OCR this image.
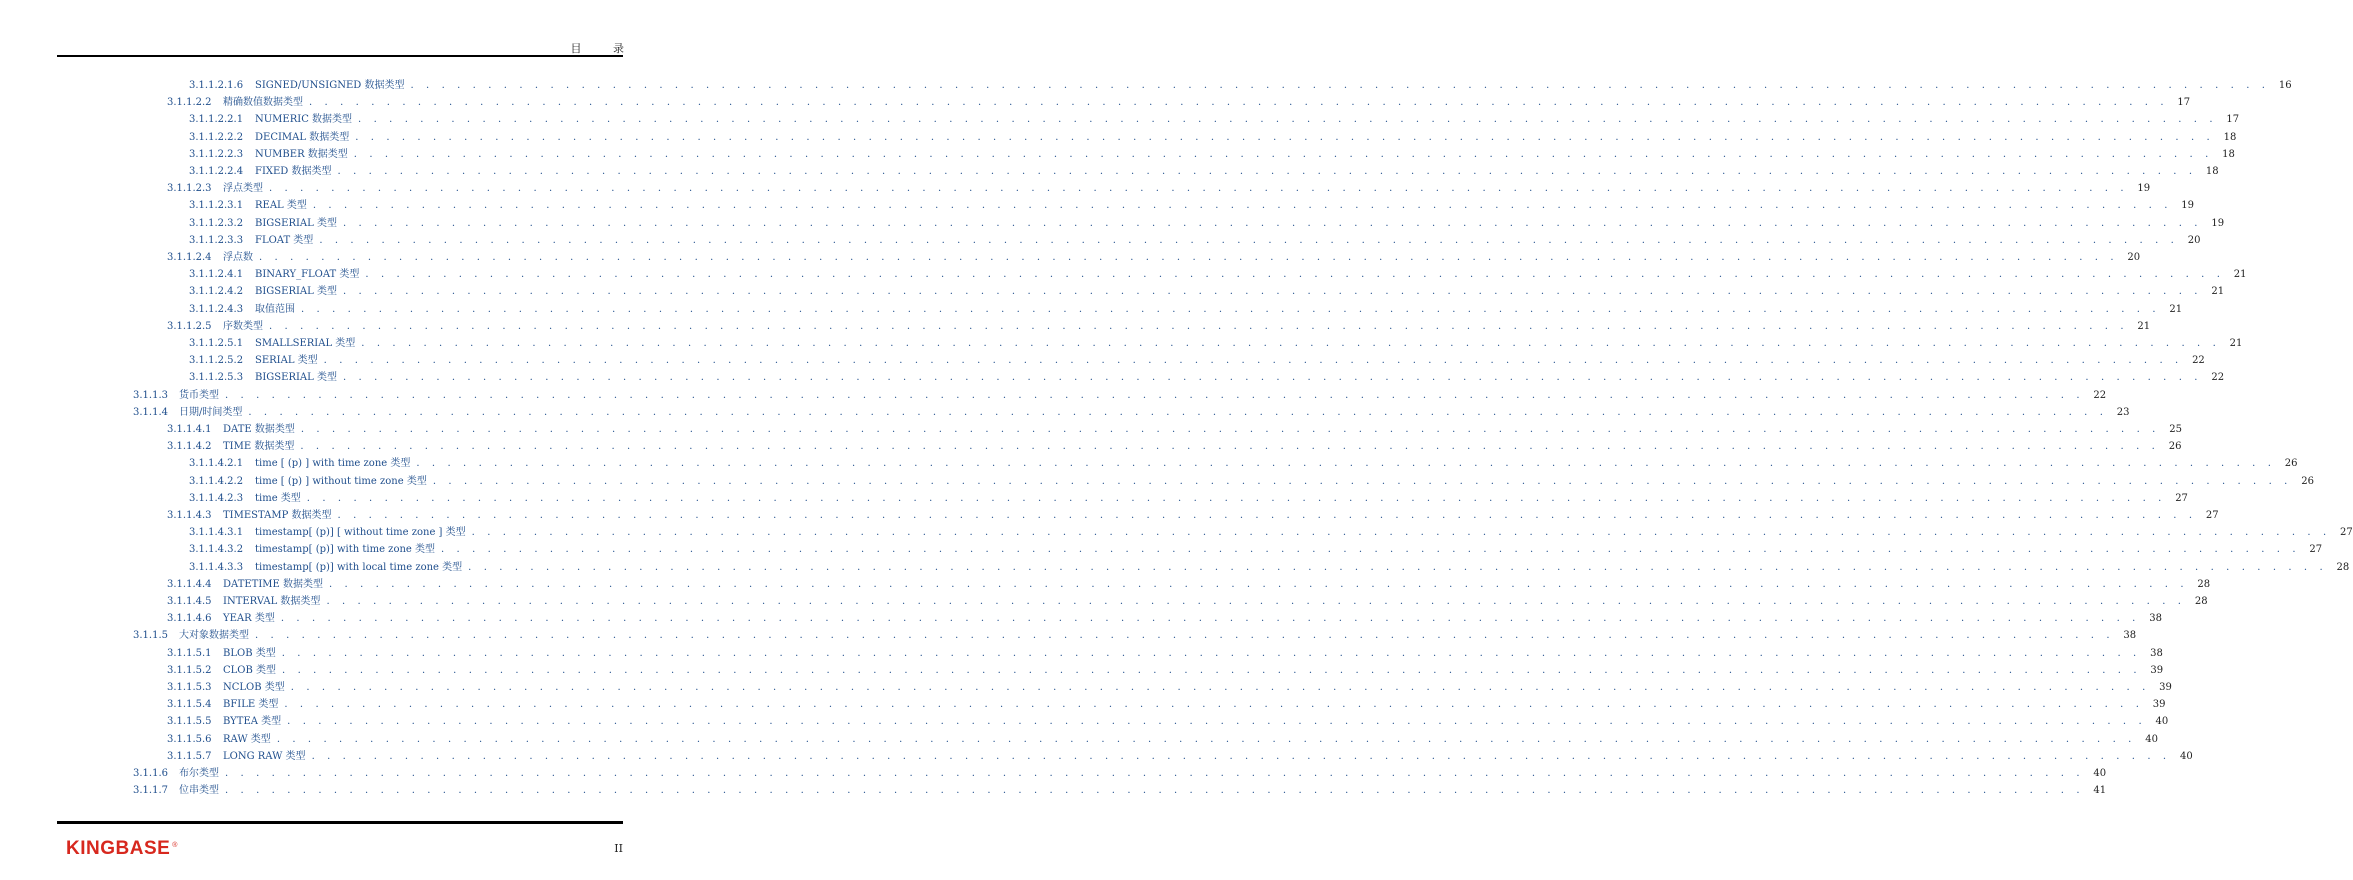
目 录
3.1.1.2.1.6	SIGNED/UNSIGNED 数据类型 . . . . . . . . . . . . . . . . . . . . . . . . . . . . . . . . . . . . . . . . . . . . . . . . . . . . . . . . . . . . . . . . . . . . . . . . . . . . . . . . . . . . . . . . . . . . . . . . . . . . . . . . . . . . . . . . . . . . . . . . 16
3.1.1.2.2	精确数值数据类型 . . . . . . . . . . . . . . . . . . . . . . . . . . . . . . . . . . . . . . . . . . . . . . . . . . . . . . . . . . . . . . . . . . . . . . . . . . . . . . . . . . . . . . . . . . . . . . . . . . . . . . . . . . . . . . . . . . . . . . . . 17
3.1.1.2.2.1	NUMERIC 数据类型 . . . . . . . . . . . . . . . . . . . . . . . . . . . . . . . . . . . . . . . . . . . . . . . . . . . . . . . . . . . . . . . . . . . . . . . . . . . . . . . . . . . . . . . . . . . . . . . . . . . . . . . . . . . . . . . . . . . . . . . . 17
3.1.1.2.2.2	DECIMAL 数据类型 . . . . . . . . . . . . . . . . . . . . . . . . . . . . . . . . . . . . . . . . . . . . . . . . . . . . . . . . . . . . . . . . . . . . . . . . . . . . . . . . . . . . . . . . . . . . . . . . . . . . . . . . . . . . . . . . . . . . . . . . 18
3.1.1.2.2.3	NUMBER 数据类型 . . . . . . . . . . . . . . . . . . . . . . . . . . . . . . . . . . . . . . . . . . . . . . . . . . . . . . . . . . . . . . . . . . . . . . . . . . . . . . . . . . . . . . . . . . . . . . . . . . . . . . . . . . . . . . . . . . . . . . . . 18
3.1.1.2.2.4	FIXED 数据类型 . . . . . . . . . . . . . . . . . . . . . . . . . . . . . . . . . . . . . . . . . . . . . . . . . . . . . . . . . . . . . . . . . . . . . . . . . . . . . . . . . . . . . . . . . . . . . . . . . . . . . . . . . . . . . . . . . . . . . . . . 18
3.1.1.2.3	浮点类型 . . . . . . . . . . . . . . . . . . . . . . . . . . . . . . . . . . . . . . . . . . . . . . . . . . . . . . . . . . . . . . . . . . . . . . . . . . . . . . . . . . . . . . . . . . . . . . . . . . . . . . . . . . . . . . . . . . . . . . . . 19
3.1.1.2.3.1	REAL 类型 . . . . . . . . . . . . . . . . . . . . . . . . . . . . . . . . . . . . . . . . . . . . . . . . . . . . . . . . . . . . . . . . . . . . . . . . . . . . . . . . . . . . . . . . . . . . . . . . . . . . . . . . . . . . . . . . . . . . . . . . 19
3.1.1.2.3.2	BIGSERIAL 类型 . . . . . . . . . . . . . . . . . . . . . . . . . . . . . . . . . . . . . . . . . . . . . . . . . . . . . . . . . . . . . . . . . . . . . . . . . . . . . . . . . . . . . . . . . . . . . . . . . . . . . . . . . . . . . . . . . . . . . . . . 19
3.1.1.2.3.3	FLOAT 类型 . . . . . . . . . . . . . . . . . . . . . . . . . . . . . . . . . . . . . . . . . . . . . . . . . . . . . . . . . . . . . . . . . . . . . . . . . . . . . . . . . . . . . . . . . . . . . . . . . . . . . . . . . . . . . . . . . . . . . . . . 20
3.1.1.2.4	浮点数 . . . . . . . . . . . . . . . . . . . . . . . . . . . . . . . . . . . . . . . . . . . . . . . . . . . . . . . . . . . . . . . . . . . . . . . . . . . . . . . . . . . . . . . . . . . . . . . . . . . . . . . . . . . . . . . . . . . . . . . . 20
3.1.1.2.4.1	BINARY_FLOAT 类型 . . . . . . . . . . . . . . . . . . . . . . . . . . . . . . . . . . . . . . . . . . . . . . . . . . . . . . . . . . . . . . . . . . . . . . . . . . . . . . . . . . . . . . . . . . . . . . . . . . . . . . . . . . . . . . . . . . . . . . . . 21
3.1.1.2.4.2	BIGSERIAL 类型 . . . . . . . . . . . . . . . . . . . . . . . . . . . . . . . . . . . . . . . . . . . . . . . . . . . . . . . . . . . . . . . . . . . . . . . . . . . . . . . . . . . . . . . . . . . . . . . . . . . . . . . . . . . . . . . . . . . . . . . . 21
3.1.1.2.4.3	取值范围 . . . . . . . . . . . . . . . . . . . . . . . . . . . . . . . . . . . . . . . . . . . . . . . . . . . . . . . . . . . . . . . . . . . . . . . . . . . . . . . . . . . . . . . . . . . . . . . . . . . . . . . . . . . . . . . . . . . . . . . . 21
3.1.1.2.5	序数类型 . . . . . . . . . . . . . . . . . . . . . . . . . . . . . . . . . . . . . . . . . . . . . . . . . . . . . . . . . . . . . . . . . . . . . . . . . . . . . . . . . . . . . . . . . . . . . . . . . . . . . . . . . . . . . . . . . . . . . . . . 21
3.1.1.2.5.1	SMALLSERIAL 类型 . . . . . . . . . . . . . . . . . . . . . . . . . . . . . . . . . . . . . . . . . . . . . . . . . . . . . . . . . . . . . . . . . . . . . . . . . . . . . . . . . . . . . . . . . . . . . . . . . . . . . . . . . . . . . . . . . . . . . . . . 21
3.1.1.2.5.2	SERIAL 类型 . . . . . . . . . . . . . . . . . . . . . . . . . . . . . . . . . . . . . . . . . . . . . . . . . . . . . . . . . . . . . . . . . . . . . . . . . . . . . . . . . . . . . . . . . . . . . . . . . . . . . . . . . . . . . . . . . . . . . . . . 22
3.1.1.2.5.3	BIGSERIAL 类型 . . . . . . . . . . . . . . . . . . . . . . . . . . . . . . . . . . . . . . . . . . . . . . . . . . . . . . . . . . . . . . . . . . . . . . . . . . . . . . . . . . . . . . . . . . . . . . . . . . . . . . . . . . . . . . . . . . . . . . . . 22
3.1.1.3	货币类型 . . . . . . . . . . . . . . . . . . . . . . . . . . . . . . . . . . . . . . . . . . . . . . . . . . . . . . . . . . . . . . . . . . . . . . . . . . . . . . . . . . . . . . . . . . . . . . . . . . . . . . . . . . . . . . . . . . . . . . . . 22
3.1.1.4	日期/时间类型 . . . . . . . . . . . . . . . . . . . . . . . . . . . . . . . . . . . . . . . . . . . . . . . . . . . . . . . . . . . . . . . . . . . . . . . . . . . . . . . . . . . . . . . . . . . . . . . . . . . . . . . . . . . . . . . . . . . . . . . . 23
3.1.1.4.1	DATE 数据类型 . . . . . . . . . . . . . . . . . . . . . . . . . . . . . . . . . . . . . . . . . . . . . . . . . . . . . . . . . . . . . . . . . . . . . . . . . . . . . . . . . . . . . . . . . . . . . . . . . . . . . . . . . . . . . . . . . . . . . . . . 25
3.1.1.4.2	TIME 数据类型 . . . . . . . . . . . . . . . . . . . . . . . . . . . . . . . . . . . . . . . . . . . . . . . . . . . . . . . . . . . . . . . . . . . . . . . . . . . . . . . . . . . . . . . . . . . . . . . . . . . . . . . . . . . . . . . . . . . . . . . . 26
3.1.1.4.2.1	time [ (p) ] with time zone 类型 . . . . . . . . . . . . . . . . . . . . . . . . . . . . . . . . . . . . . . . . . . . . . . . . . . . . . . . . . . . . . . . . . . . . . . . . . . . . . . . . . . . . . . . . . . . . . . . . . . . . . . . . . . . . . . . . . . . . . . . . 26
3.1.1.4.2.2	time [ (p) ] without time zone 类型 . . . . . . . . . . . . . . . . . . . . . . . . . . . . . . . . . . . . . . . . . . . . . . . . . . . . . . . . . . . . . . . . . . . . . . . . . . . . . . . . . . . . . . . . . . . . . . . . . . . . . . . . . . . . . . . . . . . . . . . . 26
3.1.1.4.2.3	time 类型 . . . . . . . . . . . . . . . . . . . . . . . . . . . . . . . . . . . . . . . . . . . . . . . . . . . . . . . . . . . . . . . . . . . . . . . . . . . . . . . . . . . . . . . . . . . . . . . . . . . . . . . . . . . . . . . . . . . . . . . . 27
3.1.1.4.3	TIMESTAMP 数据类型 . . . . . . . . . . . . . . . . . . . . . . . . . . . . . . . . . . . . . . . . . . . . . . . . . . . . . . . . . . . . . . . . . . . . . . . . . . . . . . . . . . . . . . . . . . . . . . . . . . . . . . . . . . . . . . . . . . . . . . . . 27
3.1.1.4.3.1	timestamp[ (p)] [ without time zone ] 类型 . . . . . . . . . . . . . . . . . . . . . . . . . . . . . . . . . . . . . . . . . . . . . . . . . . . . . . . . . . . . . . . . . . . . . . . . . . . . . . . . . . . . . . . . . . . . . . . . . . . . . . . . . . . . . . . . . . . . . . . . 27
3.1.1.4.3.2	timestamp[ (p)] with time zone 类型 . . . . . . . . . . . . . . . . . . . . . . . . . . . . . . . . . . . . . . . . . . . . . . . . . . . . . . . . . . . . . . . . . . . . . . . . . . . . . . . . . . . . . . . . . . . . . . . . . . . . . . . . . . . . . . . . . . . . . . . . 27
3.1.1.4.3.3	timestamp[ (p)] with local time zone 类型 . . . . . . . . . . . . . . . . . . . . . . . . . . . . . . . . . . . . . . . . . . . . . . . . . . . . . . . . . . . . . . . . . . . . . . . . . . . . . . . . . . . . . . . . . . . . . . . . . . . . . . . . . . . . . . . . . . . . . . . . 28
3.1.1.4.4	DATETIME 数据类型 . . . . . . . . . . . . . . . . . . . . . . . . . . . . . . . . . . . . . . . . . . . . . . . . . . . . . . . . . . . . . . . . . . . . . . . . . . . . . . . . . . . . . . . . . . . . . . . . . . . . . . . . . . . . . . . . . . . . . . . . 28
3.1.1.4.5	INTERVAL 数据类型 . . . . . . . . . . . . . . . . . . . . . . . . . . . . . . . . . . . . . . . . . . . . . . . . . . . . . . . . . . . . . . . . . . . . . . . . . . . . . . . . . . . . . . . . . . . . . . . . . . . . . . . . . . . . . . . . . . . . . . . . 28
3.1.1.4.6	YEAR 类型 . . . . . . . . . . . . . . . . . . . . . . . . . . . . . . . . . . . . . . . . . . . . . . . . . . . . . . . . . . . . . . . . . . . . . . . . . . . . . . . . . . . . . . . . . . . . . . . . . . . . . . . . . . . . . . . . . . . . . . . . 38
3.1.1.5	大对象数据类型 . . . . . . . . . . . . . . . . . . . . . . . . . . . . . . . . . . . . . . . . . . . . . . . . . . . . . . . . . . . . . . . . . . . . . . . . . . . . . . . . . . . . . . . . . . . . . . . . . . . . . . . . . . . . . . . . . . . . . . . . 38
3.1.1.5.1	BLOB 类型 . . . . . . . . . . . . . . . . . . . . . . . . . . . . . . . . . . . . . . . . . . . . . . . . . . . . . . . . . . . . . . . . . . . . . . . . . . . . . . . . . . . . . . . . . . . . . . . . . . . . . . . . . . . . . . . . . . . . . . . . 38
3.1.1.5.2	CLOB 类型 . . . . . . . . . . . . . . . . . . . . . . . . . . . . . . . . . . . . . . . . . . . . . . . . . . . . . . . . . . . . . . . . . . . . . . . . . . . . . . . . . . . . . . . . . . . . . . . . . . . . . . . . . . . . . . . . . . . . . . . . 39
3.1.1.5.3	NCLOB 类型 . . . . . . . . . . . . . . . . . . . . . . . . . . . . . . . . . . . . . . . . . . . . . . . . . . . . . . . . . . . . . . . . . . . . . . . . . . . . . . . . . . . . . . . . . . . . . . . . . . . . . . . . . . . . . . . . . . . . . . . . 39
3.1.1.5.4	BFILE 类型 . . . . . . . . . . . . . . . . . . . . . . . . . . . . . . . . . . . . . . . . . . . . . . . . . . . . . . . . . . . . . . . . . . . . . . . . . . . . . . . . . . . . . . . . . . . . . . . . . . . . . . . . . . . . . . . . . . . . . . . . 39
3.1.1.5.5	BYTEA 类型 . . . . . . . . . . . . . . . . . . . . . . . . . . . . . . . . . . . . . . . . . . . . . . . . . . . . . . . . . . . . . . . . . . . . . . . . . . . . . . . . . . . . . . . . . . . . . . . . . . . . . . . . . . . . . . . . . . . . . . . . 40
3.1.1.5.6	RAW 类型 . . . . . . . . . . . . . . . . . . . . . . . . . . . . . . . . . . . . . . . . . . . . . . . . . . . . . . . . . . . . . . . . . . . . . . . . . . . . . . . . . . . . . . . . . . . . . . . . . . . . . . . . . . . . . . . . . . . . . . . . 40
3.1.1.5.7	LONG RAW 类型 . . . . . . . . . . . . . . . . . . . . . . . . . . . . . . . . . . . . . . . . . . . . . . . . . . . . . . . . . . . . . . . . . . . . . . . . . . . . . . . . . . . . . . . . . . . . . . . . . . . . . . . . . . . . . . . . . . . . . . . . 40
3.1.1.6	布尔类型 . . . . . . . . . . . . . . . . . . . . . . . . . . . . . . . . . . . . . . . . . . . . . . . . . . . . . . . . . . . . . . . . . . . . . . . . . . . . . . . . . . . . . . . . . . . . . . . . . . . . . . . . . . . . . . . . . . . . . . . . 40
3.1.1.7	位串类型 . . . . . . . . . . . . . . . . . . . . . . . . . . . . . . . . . . . . . . . . . . . . . . . . . . . . . . . . . . . . . . . . . . . . . . . . . . . . . . . . . . . . . . . . . . . . . . . . . . . . . . . . . . . . . . . . . . . . . . . . 41
KINGBASE ®	II
